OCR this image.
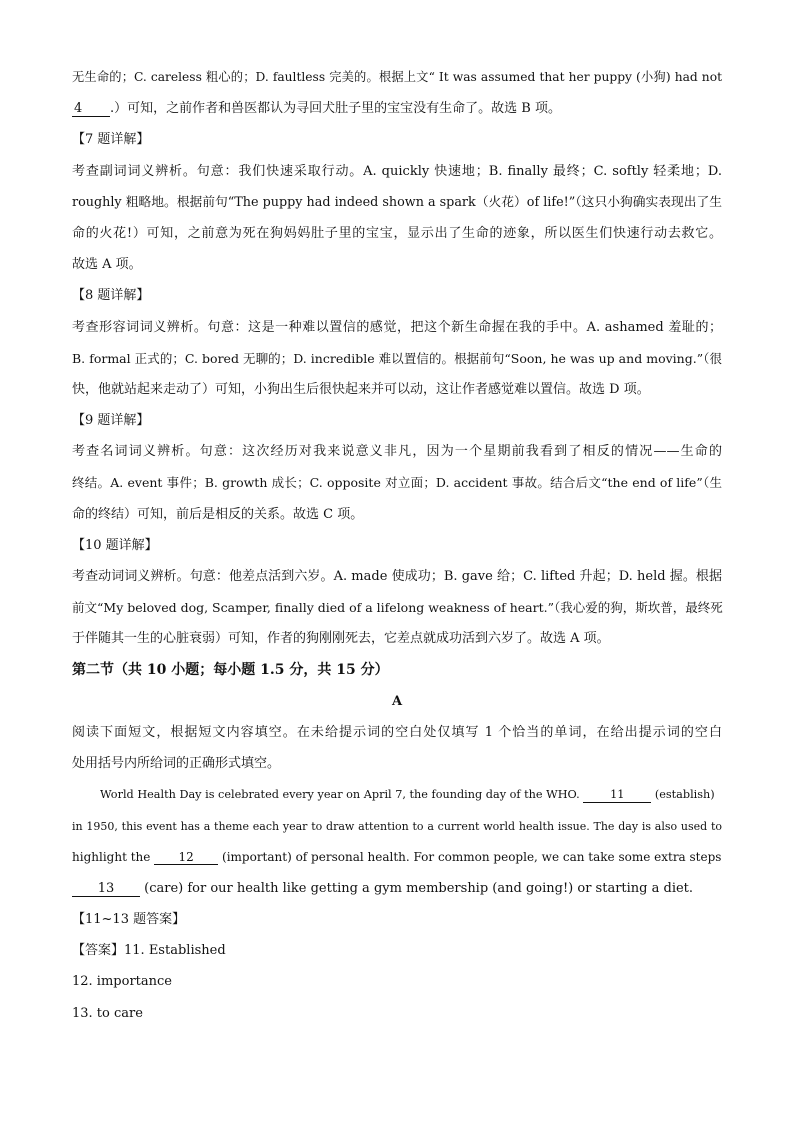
无生命的；C. careless 粗心的；D. faultless 完美的。根据上文“ It was assumed that her puppy (小狗) had not
4 .）可知，之前作者和兽医都认为寻回犬肚子里的宝宝没有生命了。故选 B 项。
【7 题详解】
考查副词词义辨析。句意：我们快速采取行动。A. quickly 快速地；B. finally 最终；C. softly 轻柔地；D.
roughly 粗略地。根据前句“The puppy had indeed shown a spark（火花）of life!”（这只小狗确实表现出了生
命的火花!）可知，之前意为死在狗妈妈肚子里的宝宝，显示出了生命的迹象，所以医生们快速行动去救它。
故选 A 项。
【8 题详解】
考查形容词词义辨析。句意：这是一种难以置信的感觉，把这个新生命握在我的手中。A. ashamed 羞耻的；
B. formal 正式的；C. bored 无聊的；D. incredible 难以置信的。根据前句“Soon, he was up and moving.”（很
快，他就站起来走动了）可知，小狗出生后很快起来并可以动，这让作者感觉难以置信。故选 D 项。
【9 题详解】
考查名词词义辨析。句意：这次经历对我来说意义非凡，因为一个星期前我看到了相反的情况——生命的
终结。A. event 事件；B. growth 成长；C. opposite 对立面；D. accident 事故。结合后文“the end of life”（生
命的终结）可知，前后是相反的关系。故选 C 项。
【10 题详解】
考查动词词义辨析。句意：他差点活到六岁。A. made 使成功；B. gave 给；C. lifted 升起；D. held 握。根据
前文“My beloved dog, Scamper, finally died of a lifelong weakness of heart.”（我心爱的狗，斯坎普，最终死
于伴随其一生的心脏衰弱）可知，作者的狗刚刚死去，它差点就成功活到六岁了。故选 A 项。
第二节（共 10 小题；每小题 1.5 分，共 15 分）
A
阅读下面短文，根据短文内容填空。在未给提示词的空白处仅填写 1 个恰当的单词，在给出提示词的空白
处用括号内所给词的正确形式填空。
World Health Day is celebrated every year on April 7, the founding day of the WHO.	11	(establish)
in 1950, this event has a theme each year to draw attention to a current world health issue. The day is also used to
highlight the 12 (important) of personal health. For common people, we can take some extra steps
13 (care) for our health like getting a gym membership (and going!) or starting a diet.
【11~13 题答案】
【答案】11. Established
12. importance
13. to care
